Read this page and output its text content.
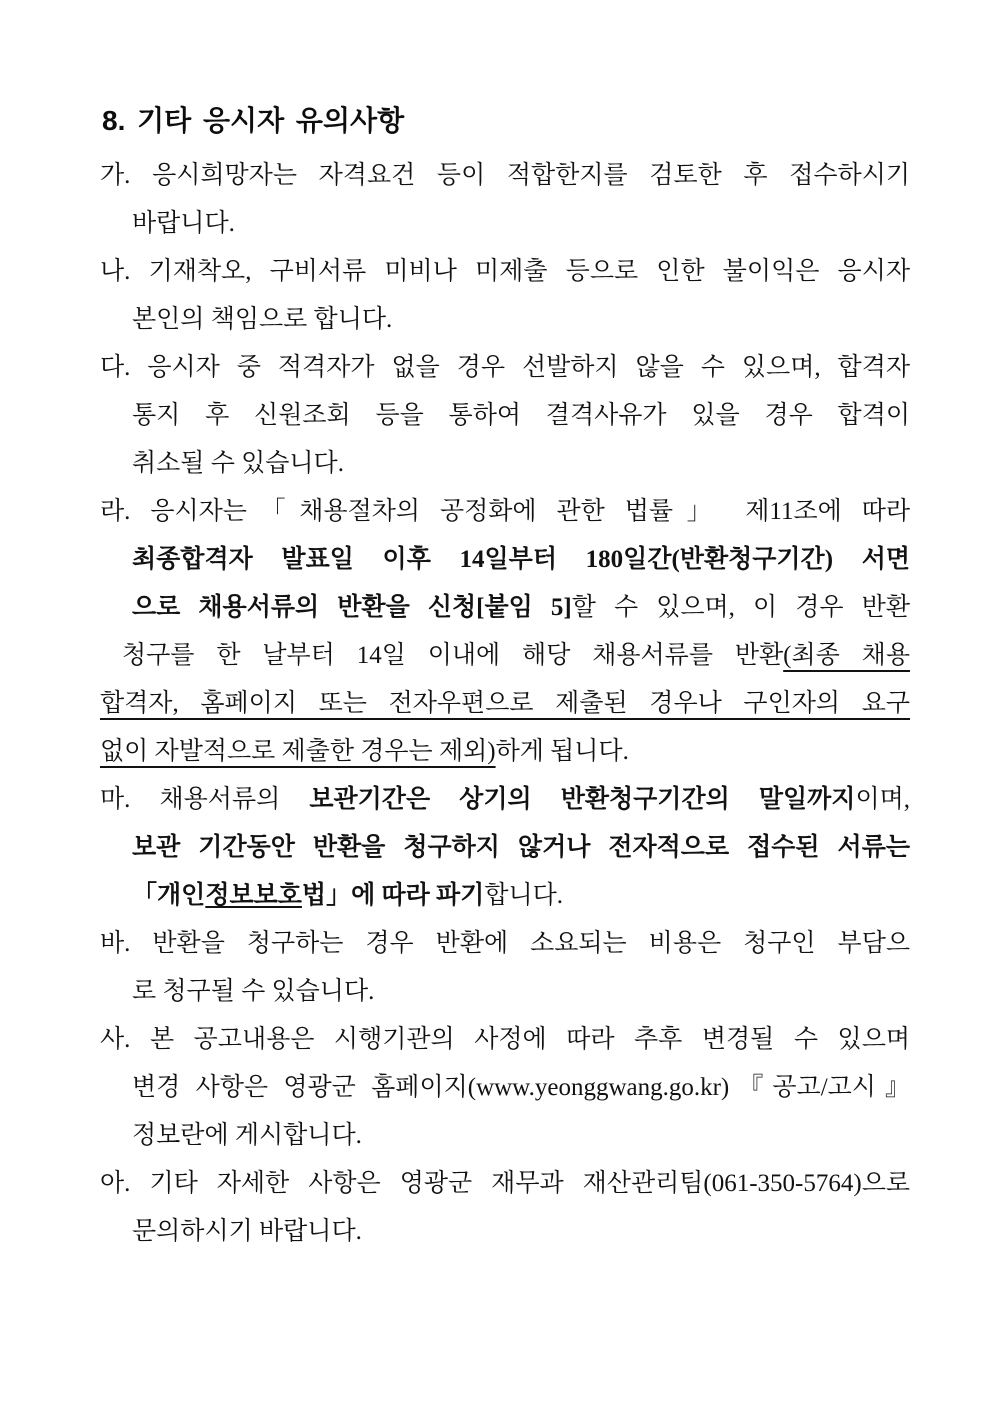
8. 기타 응시자 유의사항
가. 응시희망자는 자격요건 등이 적합한지를 검토한 후 접수하시기
바랍니다.
나. 기재착오, 구비서류 미비나 미제출 등으로 인한 불이익은 응시자
본인의 책임으로 합니다.
다. 응시자 중 적격자가 없을 경우 선발하지 않을 수 있으며, 합격자
통지 후 신원조회 등을 통하여 결격사유가 있을 경우 합격이
취소될 수 있습니다.
라. 응시자는「채용절차의 공정화에 관한 법률」 제11조에 따라
최종합격자 발표일 이후 14일부터 180일간(반환청구기간) 서면
으로 채용서류의 반환을 신청[붙임 5]할 수 있으며, 이 경우 반환
청구를 한 날부터 14일 이내에 해당 채용서류를 반환(최종 채용
합격자, 홈페이지 또는 전자우편으로 제출된 경우나 구인자의 요구
없이 자발적으로 제출한 경우는 제외)하게 됩니다.
마. 채용서류의 보관기간은 상기의 반환청구기간의 말일까지이며,
보관 기간동안 반환을 청구하지 않거나 전자적으로 접수된 서류는
「개인정보보호법」에 따라 파기합니다.
바. 반환을 청구하는 경우 반환에 소요되는 비용은 청구인 부담으
로 청구될 수 있습니다.
사. 본 공고내용은 시행기관의 사정에 따라 추후 변경될 수 있으며
변경 사항은 영광군 홈페이지(www.yeonggwang.go.kr)『공고/고시』
정보란에 게시합니다.
아. 기타 자세한 사항은 영광군 재무과 재산관리팀(061-350-5764)으로
문의하시기 바랍니다.
